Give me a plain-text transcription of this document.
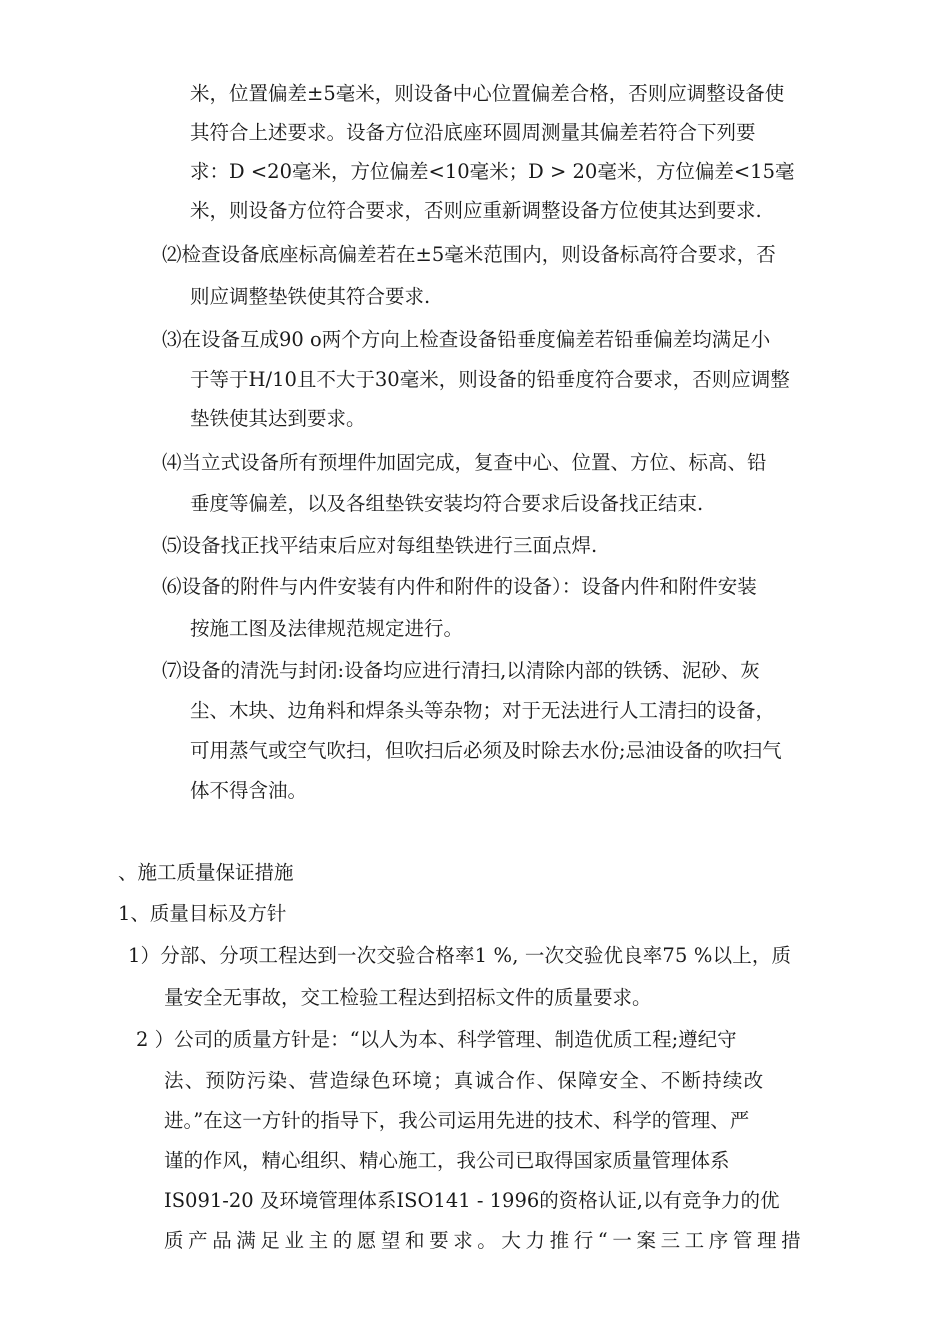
米，位置偏差±5毫米，则设备中心位置偏差合格，否则应调整设备使
其符合上述要求。设备方位沿底座环圆周测量其偏差若符合下列要
求：D <20毫米，方位偏差<10毫米；D > 20毫米，方位偏差<15毫
米，则设备方位符合要求，否则应重新调整设备方位使其达到要求.
⑵检查设备底座标高偏差若在±5毫米范围内，则设备标高符合要求，否
则应调整垫铁使其符合要求.
⑶在设备互成90 o两个方向上检查设备铅垂度偏差若铅垂偏差均满足小
于等于H/10且不大于30毫米，则设备的铅垂度符合要求，否则应调整
垫铁使其达到要求。
⑷当立式设备所有预埋件加固完成，复查中心、位置、方位、标高、铅
垂度等偏差，以及各组垫铁安装均符合要求后设备找正结束.
⑸设备找正找平结束后应对每组垫铁进行三面点焊.
⑹设备的附件与内件安装有内件和附件的设备）：设备内件和附件安装
按施工图及法律规范规定进行。
⑺设备的清洗与封闭:设备均应进行清扫,以清除内部的铁锈、泥砂、灰
尘、木块、边角料和焊条头等杂物；对于无法进行人工清扫的设备，
可用蒸气或空气吹扫，但吹扫后必须及时除去水份;忌油设备的吹扫气
体不得含油。
、施工质量保证措施
1、质量目标及方针
1）分部、分项工程达到一次交验合格率1 %, 一次交验优良率75 %以上，质
量安全无事故，交工检验工程达到招标文件的质量要求。
2 ）公司的质量方针是：“以人为本、科学管理、制造优质工程;遵纪守
法、预防污染、营造绿色环境；真诚合作、保障安全、不断持续改
进。”在这一方针的指导下，我公司运用先进的技术、科学的管理、严
谨的作风，精心组织、精心施工，我公司已取得国家质量管理体系
IS091-20 及环境管理体系ISO141 - 1996的资格认证,以有竞争力的优
质产品满足业主的愿望和要求。大力推行“一案三工序管理措
